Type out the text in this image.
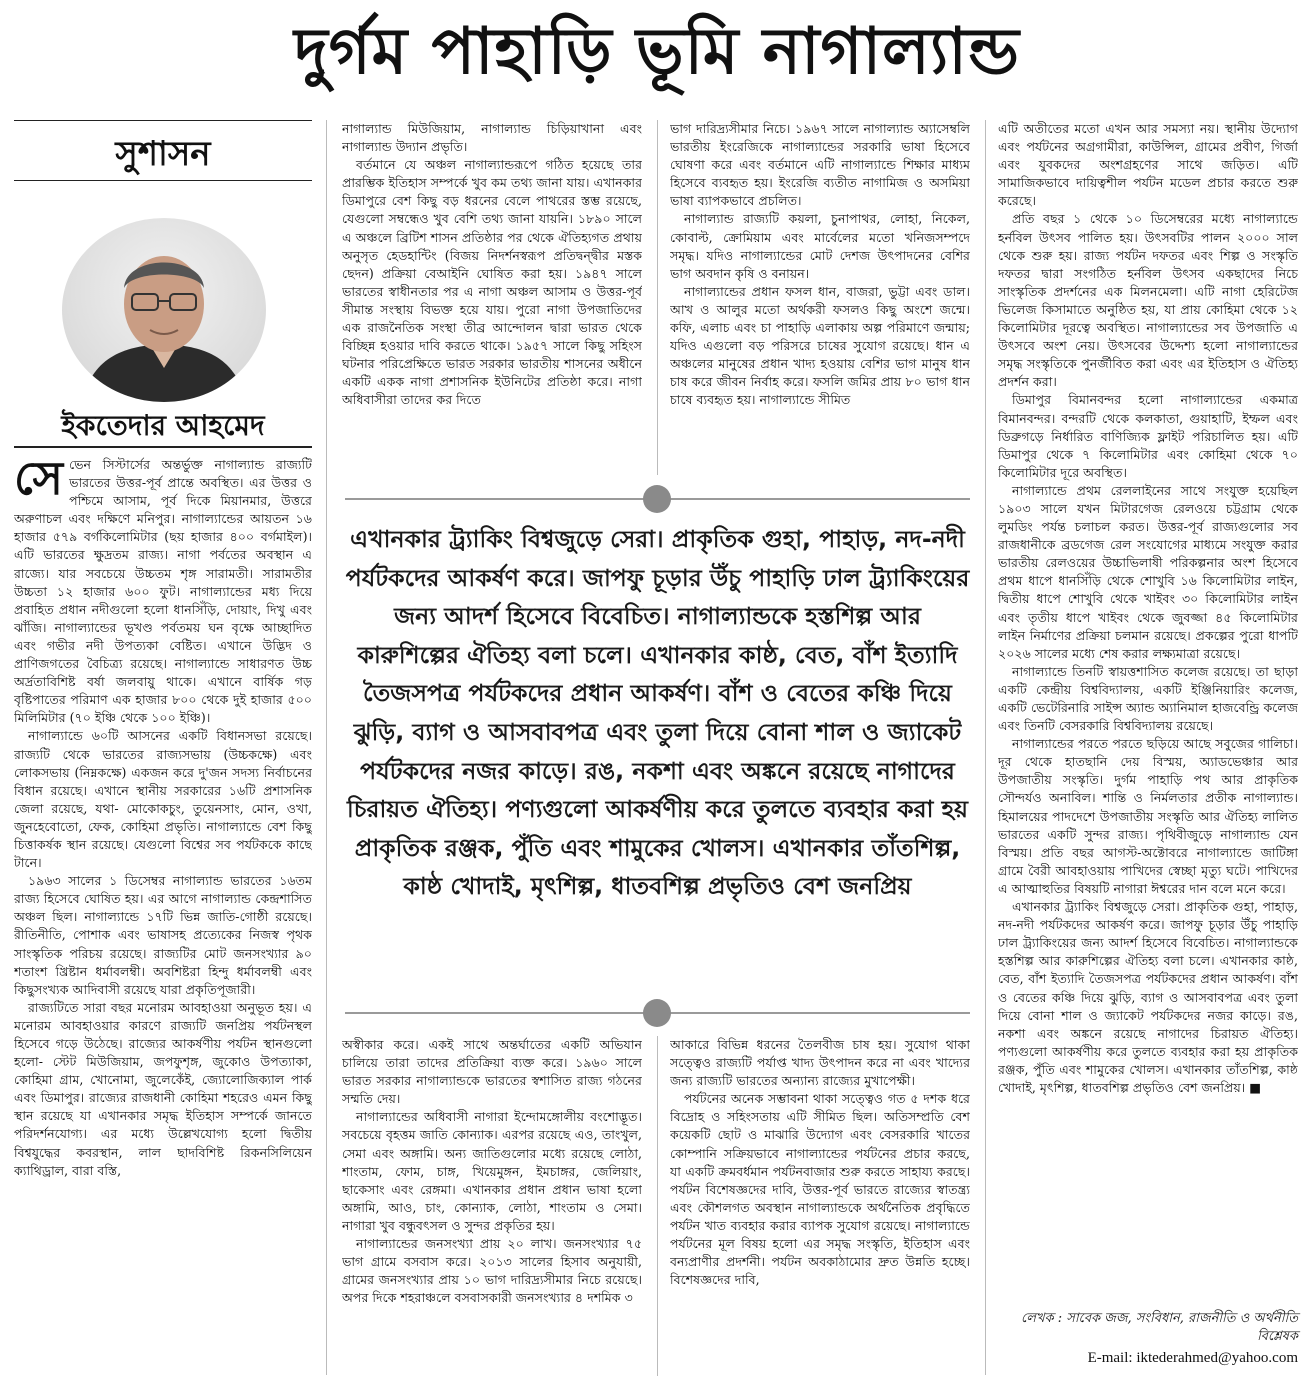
দুর্গম পাহাড়ি ভূমি নাগাল্যান্ড
সুশাসন
ইকতেদার আহমেদ

সেভেন সিস্টার্সের অন্তর্ভুক্ত নাগাল্যান্ড রাজ্যটি ভারতের উত্তর-পূর্ব প্রান্তে অবস্থিত। এর উত্তর ও পশ্চিমে আসাম, পূর্ব দিকে মিয়ানমার, উত্তরে অরুণাচল এবং দক্ষিণে মনিপুর। নাগাল্যান্ডের আয়তন ১৬ হাজার ৫৭৯ বর্গকিলোমিটার (ছয় হাজার ৪০০ বর্গমাইল)। এটি ভারতের ক্ষুদ্রতম রাজ্য। নাগা পর্বতের অবস্থান এ রাজ্যে। যার সবচেয়ে উচ্চতম শৃঙ্গ সারামতী। সারামতীর উচ্চতা ১২ হাজার ৬০০ ফুট। নাগাল্যান্ডের মধ্য দিয়ে প্রবাহিত প্রধান নদীগুলো হলো ধানসিঁড়ি, দোয়াং, দিখু এবং ঝাঁজি। নাগাল্যান্ডের ভূখণ্ড পর্বতময় ঘন বৃক্ষে আচ্ছাদিত এবং গভীর নদী উপত্যকা বেষ্টিত। এখানে উদ্ভিদ ও প্রাণিজগতের বৈচিত্র্য রয়েছে। নাগাল্যান্ডে সাধারণত উচ্চ অর্দ্রতাবিশিষ্ট বর্ষা জলবায়ু থাকে। এখানে বার্ষিক গড় বৃষ্টিপাতের পরিমাণ এক হাজার ৮০০ থেকে দুই হাজার ৫০০ মিলিমিটার (৭০ ইঞ্চি থেকে ১০০ ইঞ্চি)।

নাগাল্যান্ডে ৬০টি আসনের একটি বিধানসভা রয়েছে। রাজ্যটি থেকে ভারতের রাজ্যসভায় (উচ্চকক্ষে) এবং লোকসভায় (নিম্নকক্ষে) একজন করে দু'জন সদস্য নির্বাচনের বিধান রয়েছে। এখানে স্থানীয় সরকারের ১৬টি প্রশাসনিক জেলা রয়েছে, যথা- মোকোকচুং, তুয়েনসাং, মোন, ওখা, জুনহেবোতো, ফেক, কোহিমা প্রভৃতি। নাগাল্যান্ডে বেশ কিছু চিত্তাকর্ষক স্থান রয়েছে। যেগুলো বিশ্বের সব পর্যটককে কাছে টানে।

১৯৬৩ সালের ১ ডিসেম্বর নাগাল্যান্ড ভারতের ১৬তম রাজ্য হিসেবে ঘোষিত হয়। এর আগে নাগাল্যান্ড কেন্দ্রশাসিত অঞ্চল ছিল। নাগাল্যান্ডে ১৭টি ভিন্ন জাতি-গোষ্ঠী রয়েছে। রীতিনীতি, পোশাক এবং ভাষাসহ প্রত্যেকের নিজস্ব পৃথক সাংস্কৃতিক পরিচয় রয়েছে। রাজ্যটির মোট জনসংখ্যার ৯০ শতাংশ খ্রিষ্টান ধর্মাবলম্বী। অবশিষ্টরা হিন্দু ধর্মাবলম্বী এবং কিছুসংখ্যক আদিবাসী রয়েছে যারা প্রকৃতিপূজারী।

রাজ্যটিতে সারা বছর মনোরম আবহাওয়া অনুভূত হয়। এ মনোরম আবহাওয়ার কারণে রাজ্যটি জনপ্রিয় পর্যটনস্থল হিসেবে গড়ে উঠেছে। রাজ্যের আকর্ষণীয় পর্যটন স্থানগুলো হলো- স্টেট মিউজিয়াম, জপফুশৃঙ্গ, জুকোও উপত্যাকা, কোহিমা গ্রাম, খোনোমা, জুলেকেঁই, জ্যোলোজিক্যাল পার্ক এবং ডিমাপুর। রাজ্যের রাজধানী কোহিমা শহরেও এমন কিছু স্থান রয়েছে যা এখানকার সমৃদ্ধ ইতিহাস সম্পর্কে জানতে পরিদর্শনযোগ্য। এর মধ্যে উল্লেখযোগ্য হলো দ্বিতীয় বিশ্বযুদ্ধের কবরস্থান, লাল ছাদবিশিষ্ট রিকনসিলিয়েন ক্যাথিড্রাল, বারা বস্তি,

নাগাল্যান্ড মিউজিয়াম, নাগাল্যান্ড চিড়িয়াখানা এবং নাগাল্যান্ড উদ্যান প্রভৃতি।

বর্তমানে যে অঞ্চল নাগাল্যান্ডরূপে গঠিত হয়েছে তার প্রারম্ভিক ইতিহাস সম্পর্কে খুব কম তথ্য জানা যায়। এখানকার ডিমাপুরে বেশ কিছু বড় ধরনের বেলে পাথরের স্তম্ভ রয়েছে, যেগুলো সম্বন্ধেও খুব বেশি তথ্য জানা যায়নি। ১৮৯০ সালে এ অঞ্চলে ব্রিটিশ শাসন প্রতিষ্ঠার পর থেকে ঐতিহ্যগত প্রথায় অনুসৃত হেডহান্টিং (বিজয় নিদর্শনস্বরূপ প্রতিদ্বন্দ্বীর মস্তক ছেদন) প্রক্রিয়া বেআইনি ঘোষিত করা হয়। ১৯৪৭ সালে ভারতের স্বাধীনতার পর এ নাগা অঞ্চল আসাম ও উত্তর-পূর্ব সীমান্ত সংস্থায় বিভক্ত হয়ে যায়। পুরো নাগা উপজাতিদের এক রাজনৈতিক সংস্থা তীব্র আন্দোলন দ্বারা ভারত থেকে বিচ্ছিন্ন হওয়ার দাবি করতে থাকে। ১৯৫৭ সালে কিছু সহিংস ঘটনার পরিপ্রেক্ষিতে ভারত সরকার ভারতীয় শাসনের অধীনে একটি একক নাগা প্রশাসনিক ইউনিটের প্রতিষ্ঠা করে। নাগা অধিবাসীরা তাদের কর দিতে

ভাগ দারিদ্র্যসীমার নিচে। ১৯৬৭ সালে নাগাল্যান্ড অ্যাসেম্বলি ভারতীয় ইংরেজিকে নাগাল্যান্ডের সরকারি ভাষা হিসেবে ঘোষণা করে এবং বর্তমানে এটি নাগাল্যান্ডে শিক্ষার মাধ্যম হিসেবে ব্যবহৃত হয়। ইংরেজি ব্যতীত নাগামিজ ও অসমিয়া ভাষা ব্যাপকভাবে প্রচলিত।

নাগাল্যান্ড রাজ্যটি কয়লা, চুনাপাথর, লোহা, নিকেল, কোবাল্ট, ক্রোমিয়াম এবং মার্বেলের মতো খনিজসম্পদে সমৃদ্ধ। যদিও নাগাল্যান্ডের মোট দেশজ উৎপাদনের বেশির ভাগ অবদান কৃষি ও বনায়ন।

নাগাল্যান্ডের প্রধান ফসল ধান, বাজরা, ভুট্টা এবং ডাল। আখ ও আলুর মতো অর্থকরী ফসলও কিছু অংশে জন্মে। কফি, এলাচ এবং চা পাহাড়ি এলাকায় অল্প পরিমাণে জন্মায়; যদিও এগুলো বড় পরিসরে চাষের সুযোগ রয়েছে। ধান এ অঞ্চলের মানুষের প্রধান খাদ্য হওয়ায় বেশির ভাগ মানুষ ধান চাষ করে জীবন নির্বাহ করে। ফসলি জমির প্রায় ৮০ ভাগ ধান চাষে ব্যবহৃত হয়। নাগাল্যান্ডে সীমিত

এখানকার ট্র্যাকিং বিশ্বজুড়ে সেরা। প্রাকৃতিক গুহা, পাহাড়, নদ-নদী পর্যটকদের আকর্ষণ করে। জাপফু চূড়ার উঁচু পাহাড়ি ঢাল ট্র্যাকিংয়ের জন্য আদর্শ হিসেবে বিবেচিত। নাগাল্যান্ডকে হস্তশিল্প আর কারুশিল্পের ঐতিহ্য বলা চলে। এখানকার কাষ্ঠ, বেত, বাঁশ ইত্যাদি তৈজসপত্র পর্যটকদের প্রধান আকর্ষণ। বাঁশ ও বেতের কঞ্চি দিয়ে ঝুড়ি, ব্যাগ ও আসবাবপত্র এবং তুলা দিয়ে বোনা শাল ও জ্যাকেট পর্যটকদের নজর কাড়ে। রঙ, নকশা এবং অঙ্কনে রয়েছে নাগাদের চিরায়ত ঐতিহ্য। পণ্যগুলো আকর্ষণীয় করে তুলতে ব্যবহার করা হয় প্রাকৃতিক রঞ্জক, পুঁতি এবং শামুকের খোলস। এখানকার তাঁতশিল্প, কাষ্ঠ খোদাই, মৃৎশিল্প, ধাতবশিল্প প্রভৃতিও বেশ জনপ্রিয়

অস্বীকার করে। একই সাথে অন্তর্ঘাতের একটি অভিযান চালিয়ে তারা তাদের প্রতিক্রিয়া ব্যক্ত করে। ১৯৬০ সালে ভারত সরকার নাগাল্যান্ডকে ভারতের স্বশাসিত রাজ্য গঠনের সম্মতি দেয়।

নাগাল্যান্ডের অধিবাসী নাগারা ইন্দোমঙ্গোলীয় বংশোদ্ভূত। সবচেয়ে বৃহত্তম জাতি কোন্যাক। এরপর রয়েছে এও, তাংখুল, সেমা এবং অঙ্গামি। অন্য জাতিগুলোর মধ্যে রয়েছে লোঠা, শাংতাম, ফোম, চাঙ্গ, খিয়েমুঙ্গন, ইমচাঙ্গর, জেলিয়াং, ছাকেসাং এবং রেঙ্গমা। এখানকার প্রধান প্রধান ভাষা হলো অঙ্গামি, আও, চাং, কোন্যাক, লোঠা, শাংতাম ও সেমা। নাগারা খুব বন্ধুবৎসল ও সুন্দর প্রকৃতির হয়।

নাগাল্যান্ডের জনসংখ্যা প্রায় ২০ লাখ। জনসংখ্যার ৭৫ ভাগ গ্রামে বসবাস করে। ২০১৩ সালের হিসাব অনুযায়ী, গ্রামের জনসংখ্যার প্রায় ১০ ভাগ দারিদ্র্যসীমার নিচে রয়েছে। অপর দিকে শহরাঞ্চলে বসবাসকারী জনসংখ্যার ৪ দশমিক ৩

আকারে বিভিন্ন ধরনের তৈলবীজ চাষ হয়। সুযোগ থাকা সত্ত্বেও রাজ্যটি পর্যাপ্ত খাদ্য উৎপাদন করে না এবং খাদ্যের জন্য রাজ্যটি ভারতের অন্যান্য রাজ্যের মুখাপেক্ষী।

পর্যটনের অনেক সম্ভাবনা থাকা সত্ত্বেও গত ৫ দশক ধরে বিদ্রোহ ও সহিংসতায় এটি সীমিত ছিল। অতিসম্প্রতি বেশ কয়েকটি ছোট ও মাঝারি উদ্যোগ এবং বেসরকারি খাতের কোম্পানি সক্রিয়ভাবে নাগাল্যান্ডের পর্যটনের প্রচার করছে, যা একটি ক্রমবর্ধমান পর্যটনবাজার শুরু করতে সাহায্য করছে। পর্যটন বিশেষজ্ঞদের দাবি, উত্তর-পূর্ব ভারতে রাজ্যের স্বাতন্ত্র্য এবং কৌশলগত অবস্থান নাগাল্যান্ডকে অর্থনৈতিক প্রবৃদ্ধিতে পর্যটন খাত ব্যবহার করার ব্যাপক সুযোগ রয়েছে। নাগাল্যান্ডে পর্যটনের মূল বিষয় হলো এর সমৃদ্ধ সংস্কৃতি, ইতিহাস এবং বন্যপ্রাণীর প্রদর্শনী। পর্যটন অবকাঠামোর দ্রুত উন্নতি হচ্ছে। বিশেষজ্ঞদের দাবি,

এটি অতীতের মতো এখন আর সমস্যা নয়। স্থানীয় উদ্যোগ এবং পর্যটনের অগ্রগামীরা, কাউন্সিল, গ্রামের প্রবীণ, গির্জা এবং যুবকদের অংশগ্রহণের সাথে জড়িত। এটি সামাজিকভাবে দায়িত্বশীল পর্যটন মডেল প্রচার করতে শুরু করেছে।

প্রতি বছর ১ থেকে ১০ ডিসেম্বরের মধ্যে নাগাল্যান্ডে হর্নবিল উৎসব পালিত হয়। উৎসবটির পালন ২০০০ সাল থেকে শুরু হয়। রাজ্য পর্যটন দফতর এবং শিল্প ও সংস্কৃতি দফতর দ্বারা সংগঠিত হর্নবিল উৎসব একছাদের নিচে সাংস্কৃতিক প্রদর্শনের এক মিলনমেলা। এটি নাগা হেরিটেজ ভিলেজ কিসামাতে অনুষ্ঠিত হয়, যা প্রায় কোহিমা থেকে ১২ কিলোমিটার দূরত্বে অবস্থিত। নাগাল্যান্ডের সব উপজাতি এ উৎসবে অংশ নেয়। উৎসবের উদ্দেশ্য হলো নাগাল্যান্ডের সমৃদ্ধ সংস্কৃতিকে পুনর্জীবিত করা এবং এর ইতিহাস ও ঐতিহ্য প্রদর্শন করা।

ডিমাপুর বিমানবন্দর হলো নাগাল্যান্ডের একমাত্র বিমানবন্দর। বন্দরটি থেকে কলকাতা, গুয়াহাটি, ইম্ফল এবং ডিব্রুগড়ে নির্ধারিত বাণিজ্যিক ফ্লাইট পরিচালিত হয়। এটি ডিমাপুর থেকে ৭ কিলোমিটার এবং কোহিমা থেকে ৭০ কিলোমিটার দূরে অবস্থিত।

নাগাল্যান্ডে প্রথম রেললাইনের সাথে সংযুক্ত হয়েছিল ১৯০৩ সালে যখন মিটারগেজ রেলওয়ে চট্টগ্রাম থেকে লুমডিং পর্যন্ত চলাচল করত। উত্তর-পূর্ব রাজ্যগুলোর সব রাজধানীকে ব্রডগেজ রেল সংযোগের মাধ্যমে সংযুক্ত করার ভারতীয় রেলওয়ের উচ্চাভিলাষী পরিকল্পনার অংশ হিসেবে প্রথম ধাপে ধানসিঁড়ি থেকে শোখুবি ১৬ কিলোমিটার লাইন, দ্বিতীয় ধাপে শোখুবি থেকে খাইবং ৩০ কিলোমিটার লাইন এবং তৃতীয় ধাপে খাইবং থেকে জুবজ্জা ৪৫ কিলোমিটার লাইন নির্মাণের প্রক্রিয়া চলমান রয়েছে। প্রকল্পের পুরো ধাপটি ২০২৬ সালের মধ্যে শেষ করার লক্ষ্যমাত্রা রয়েছে।

নাগাল্যান্ডে তিনটি স্বায়ত্তশাসিত কলেজ রয়েছে। তা ছাড়া একটি কেন্দ্রীয় বিশ্ববিদ্যালয়, একটি ইঞ্জিনিয়ারিং কলেজ, একটি ভেটেরিনারি সাইন্স অ্যান্ড অ্যানিমাল হাজবেন্ড্রি কলেজ এবং তিনটি বেসরকারি বিশ্ববিদ্যালয় রয়েছে।

নাগাল্যান্ডের পরতে পরতে ছড়িয়ে আছে সবুজের গালিচা। দূর থেকে হাতছানি দেয় বিস্ময়, অ্যাডভেঞ্চার আর উপজাতীয় সংস্কৃতি। দুর্গম পাহাড়ি পথ আর প্রাকৃতিক সৌন্দর্যও অনাবিল। শান্তি ও নির্মলতার প্রতীক নাগাল্যান্ড। হিমালয়ের পাদদেশে উপজাতীয় সংস্কৃতি আর ঐতিহ্য লালিত ভারতের একটি সুন্দর রাজ্য। পৃথিবীজুড়ে নাগাল্যান্ড যেন বিস্ময়। প্রতি বছর আগস্ট-অক্টোবরে নাগাল্যান্ডে জাটিঙ্গা গ্রামে বৈরী আবহাওয়ায় পাখিদের স্বেচ্ছা মৃত্যু ঘটে। পাখিদের এ আত্মাহুতির বিষয়টি নাগারা ঈশ্বরের দান বলে মনে করে।

এখানকার ট্র্যাকিং বিশ্বজুড়ে সেরা। প্রাকৃতিক গুহা, পাহাড়, নদ-নদী পর্যটকদের আকর্ষণ করে। জাপফু চূড়ার উঁচু পাহাড়ি ঢাল ট্র্যাকিংয়ের জন্য আদর্শ হিসেবে বিবেচিত। নাগাল্যান্ডকে হস্তশিল্প আর কারুশিল্পের ঐতিহ্য বলা চলে। এখানকার কাষ্ঠ, বেত, বাঁশ ইত্যাদি তৈজসপত্র পর্যটকদের প্রধান আকর্ষণ। বাঁশ ও বেতের কঞ্চি দিয়ে ঝুড়ি, ব্যাগ ও আসবাবপত্র এবং তুলা দিয়ে বোনা শাল ও জ্যাকেট পর্যটকদের নজর কাড়ে। রঙ, নকশা এবং অঙ্কনে রয়েছে নাগাদের চিরায়ত ঐতিহ্য। পণ্যগুলো আকর্ষণীয় করে তুলতে ব্যবহার করা হয় প্রাকৃতিক রঞ্জক, পুঁতি এবং শামুকের খোলস। এখানকার তাঁতশিল্প, কাষ্ঠ খোদাই, মৃৎশিল্প, ধাতবশিল্প প্রভৃতিও বেশ জনপ্রিয়। ■

লেখক : সাবেক জজ, সংবিধান, রাজনীতি ও অর্থনীতি বিশ্লেষক
E-mail: iktederahmed@yahoo.com
